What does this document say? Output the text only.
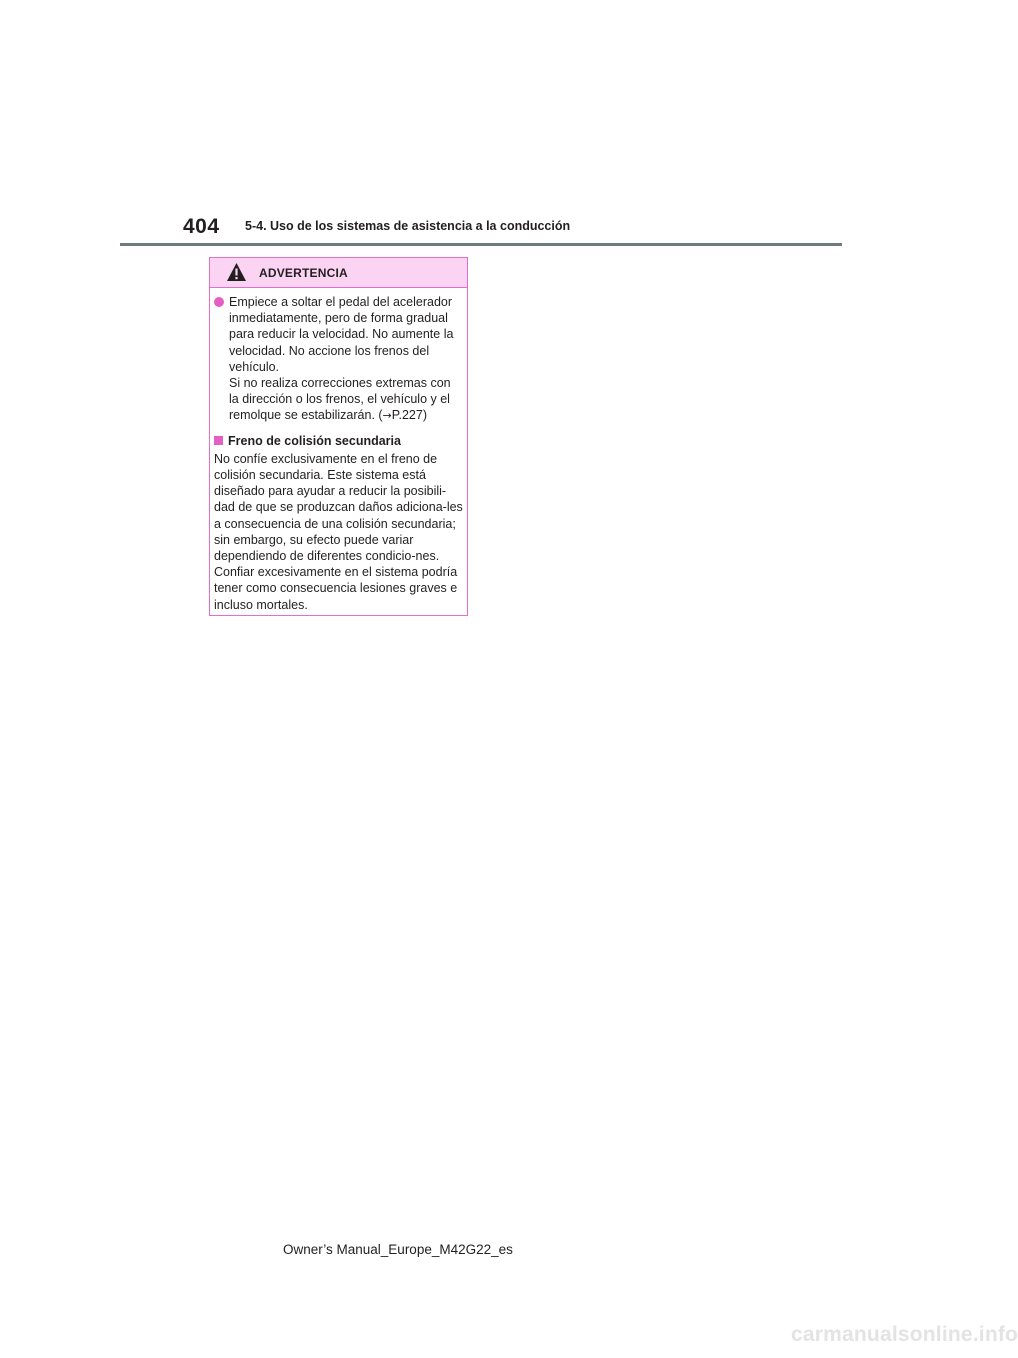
404 5-4. Uso de los sistemas de asistencia a la conducción
ADVERTENCIA

Empiece a soltar el pedal del acelerador inmediatamente, pero de forma gradual para reducir la velocidad. No aumente la velocidad. No accione los frenos del vehículo.

Si no realiza correcciones extremas con la dirección o los frenos, el vehículo y el remolque se estabilizarán. (→P.227)

Freno de colisión secundaria

No confíe exclusivamente en el freno de colisión secundaria. Este sistema está diseñado para ayudar a reducir la posibili-dad de que se produzcan daños adiciona-les a consecuencia de una colisión secundaria; sin embargo, su efecto puede variar dependiendo de diferentes condicio-nes. Confiar excesivamente en el sistema podría tener como consecuencia lesiones graves e incluso mortales.

Owner’s Manual_Europe_M42G22_es
carmanualsonline.info
